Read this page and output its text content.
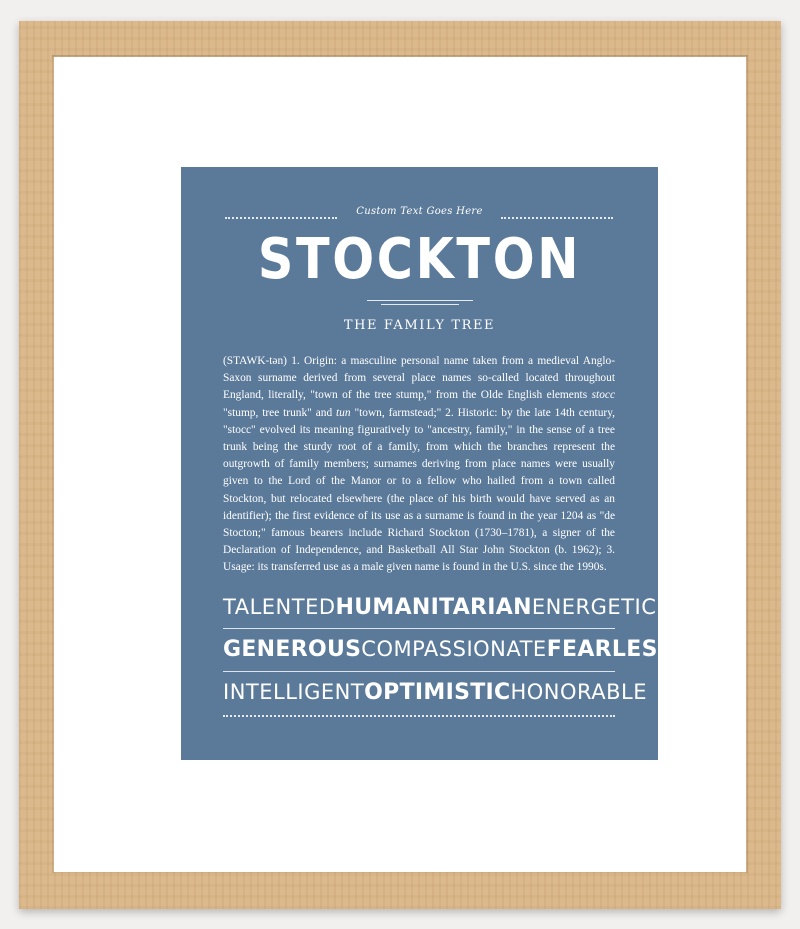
Custom Text Goes Here
STOCKTON
THE FAMILY TREE
(STAWK-tən) 1. Origin: a masculine personal name taken from a medieval Anglo-Saxon surname derived from several place names so-called located throughout England, literally, "town of the tree stump," from the Olde English elements stocc "stump, tree trunk" and tun "town, farmstead;" 2. Historic: by the late 14th century, "stocc" evolved its meaning figuratively to "ancestry, family," in the sense of a tree trunk being the sturdy root of a family, from which the branches represent the outgrowth of family members; surnames deriving from place names were usually given to the Lord of the Manor or to a fellow who hailed from a town called Stockton, but relocated elsewhere (the place of his birth would have served as an identifier); the first evidence of its use as a surname is found in the year 1204 as "de Stocton;" famous bearers include Richard Stockton (1730–1781), a signer of the Declaration of Independence, and Basketball All Star John Stockton (b. 1962); 3. Usage: its transferred use as a male given name is found in the U.S. since the 1990s.
TALENTED HUMANITARIAN ENERGETIC
GENEROUS COMPASSIONATE FEARLESS
INTELLIGENT OPTIMISTIC HONORABLE
